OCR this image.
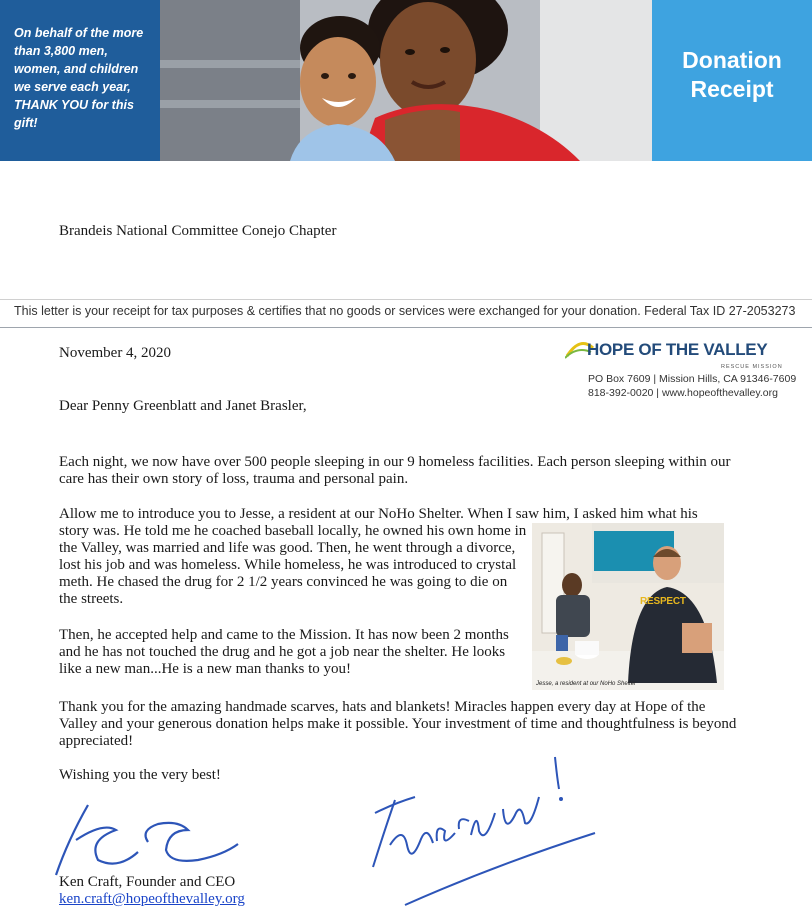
On behalf of the more than 3,800 men, women, and children we serve each year, THANK YOU for this gift!

Donation Receipt
Brandeis National Committee Conejo Chapter
This letter is your receipt for tax purposes & certifies that no goods or services were exchanged for your donation. Federal Tax ID 27-2053273
November 4, 2020	HOPE OF THE VALLEY
RESCUE MISSION
PO Box 7609 | Mission Hills, CA 91346-7609
818-392-0020 | www.hopeofthevalley.org
Dear Penny Greenblatt and Janet Brasler,

Each night, we now have over 500 people sleeping in our 9 homeless facilities. Each person sleeping within our care has their own story of loss, trauma and personal pain.

Allow me to introduce you to Jesse, a resident at our NoHo Shelter. When I saw him, I asked him what his

story was. He told me he coached baseball locally, he owned his own home in the Valley, was married and life was good. Then, he went through a divorce, lost his job and was homeless. While homeless, he was introduced to crystal meth. He chased the drug for 2 1/2 years convinced he was going to die on the streets.

Then, he accepted help and came to the Mission. It has now been 2 months and he has not touched the drug and he got a job near the shelter. He looks like a new man...He is a new man thanks to you!

RESPECT
Jesse, a resident at our NoHo Shelter

Thank you for the amazing handmade scarves, hats and blankets! Miracles happen every day at Hope of the Valley and your generous donation helps make it possible. Your investment of time and thoughtfulness is beyond appreciated!

Wishing you the very best!
Ken Craft, Founder and CEO
ken.craft@hopeofthevalley.org
